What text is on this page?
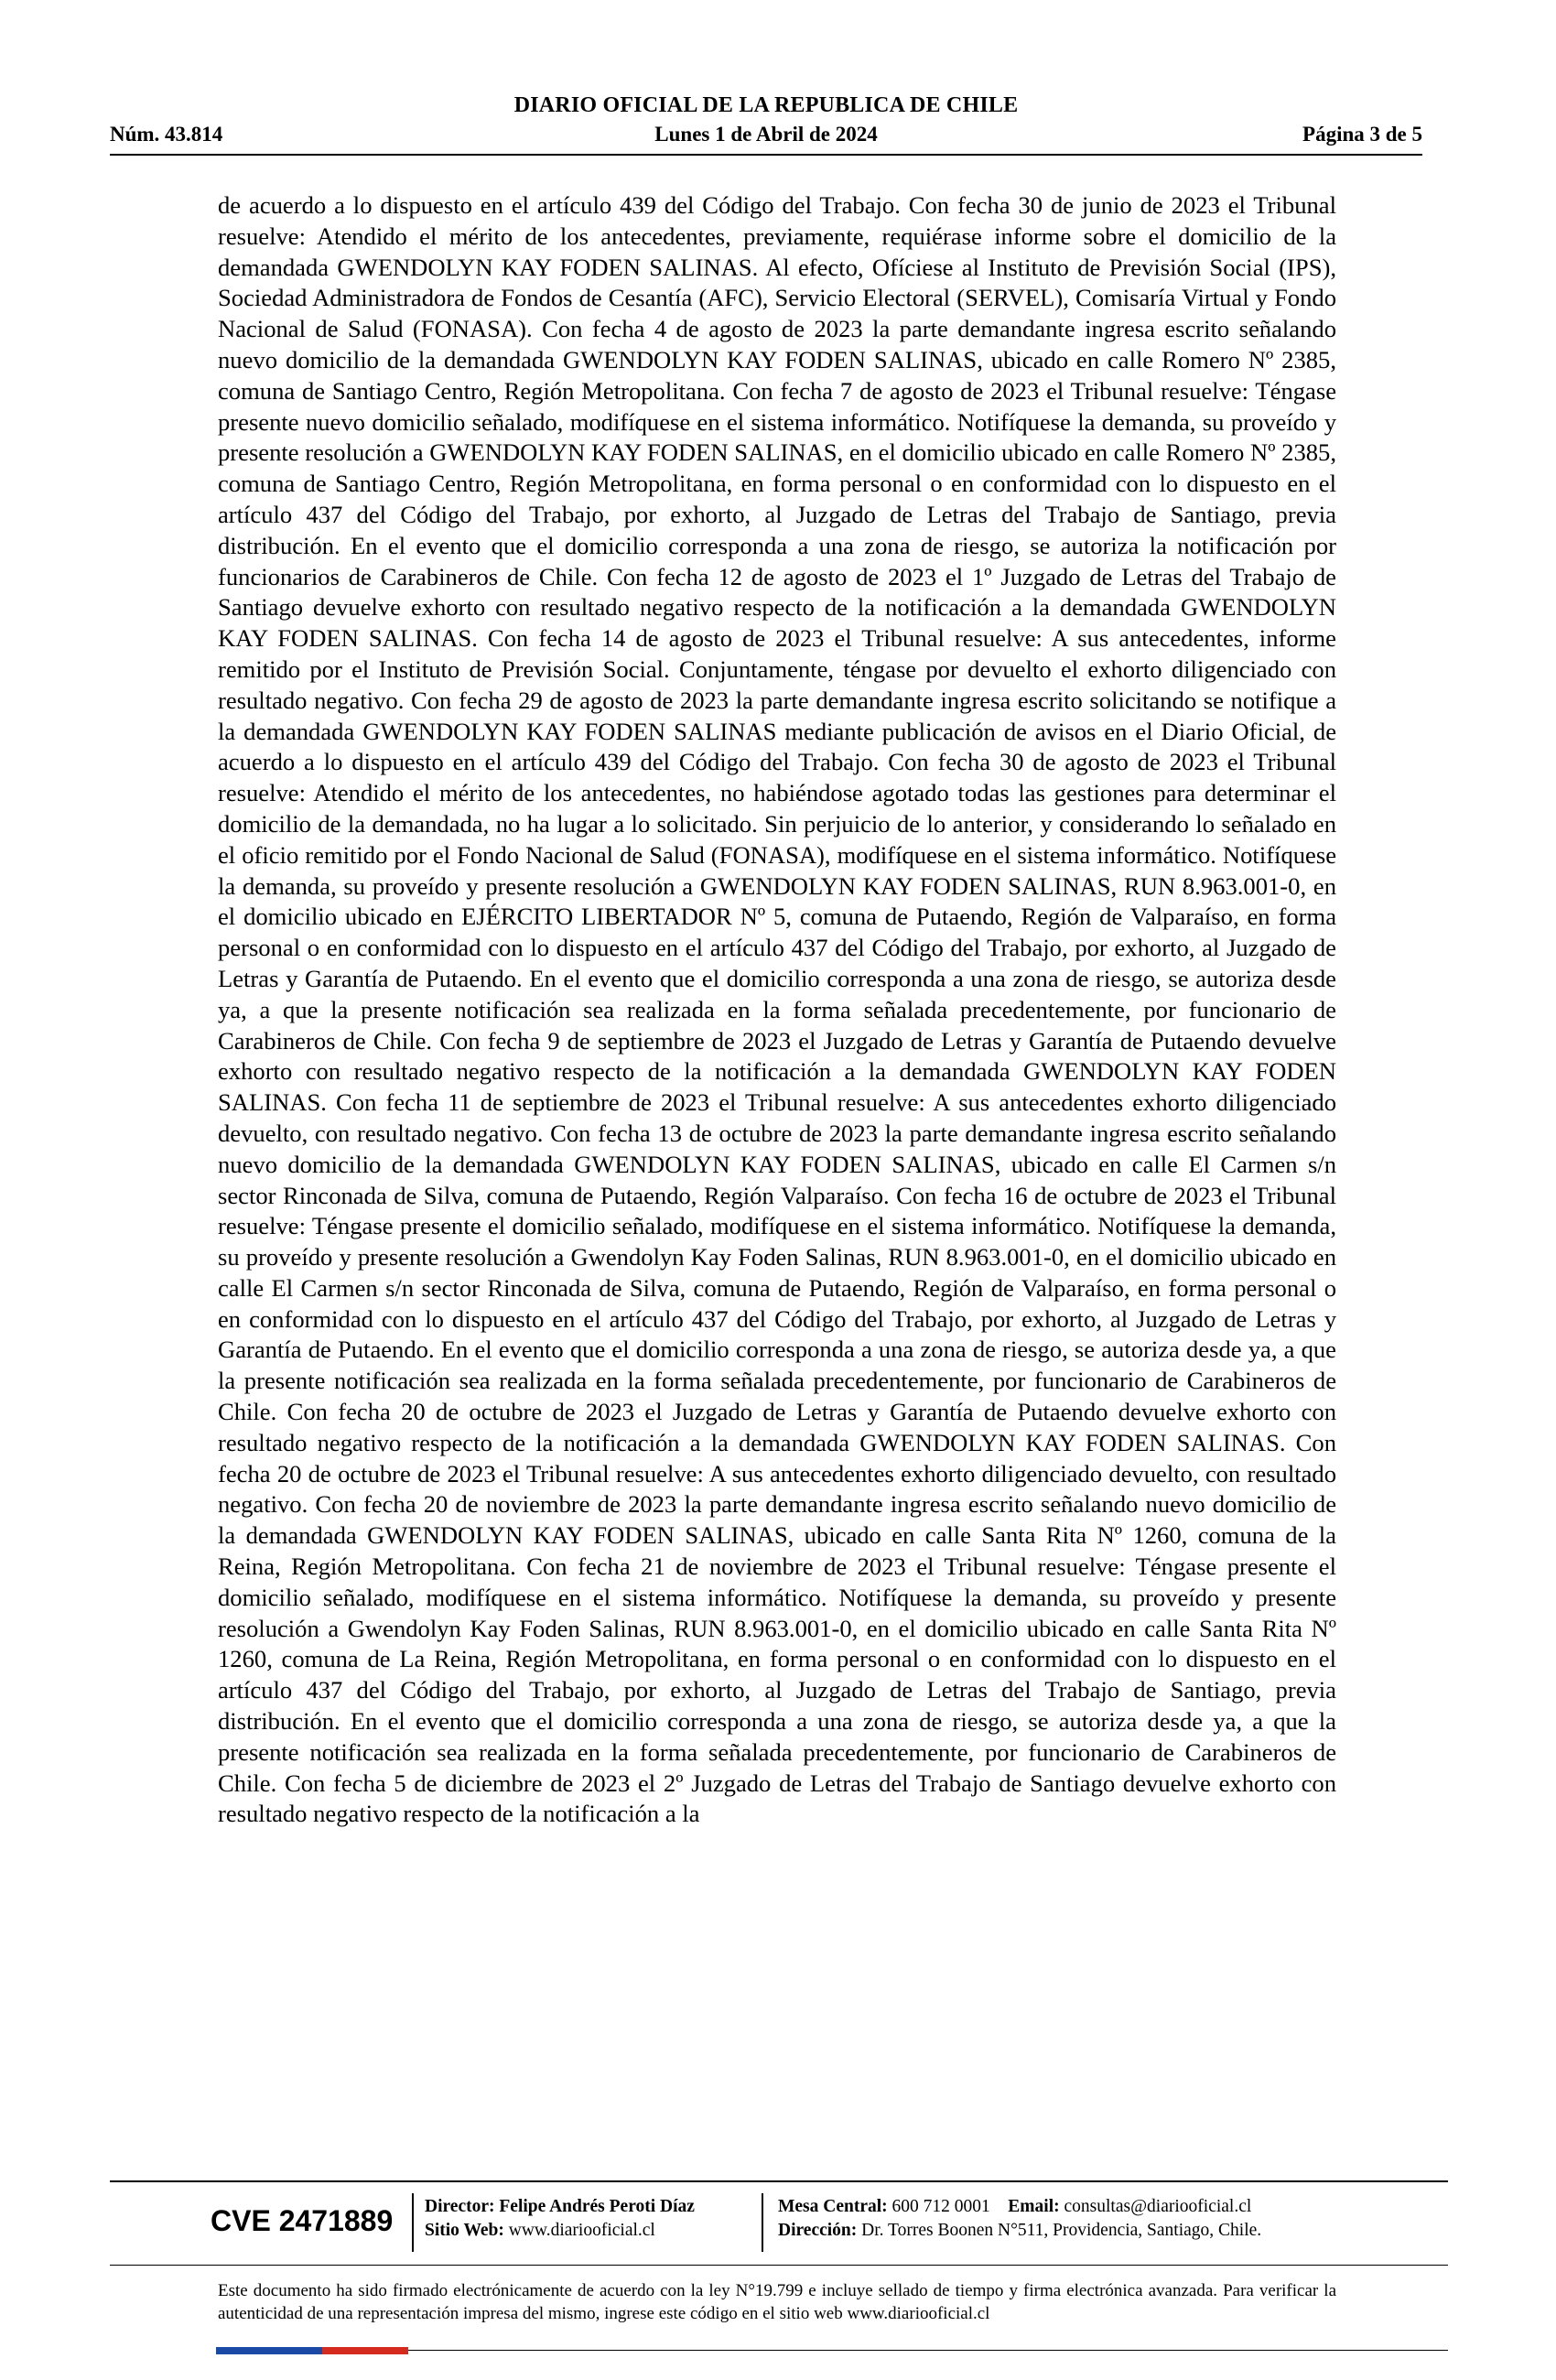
DIARIO OFICIAL DE LA REPUBLICA DE CHILE
Núm. 43.814	Lunes 1 de Abril de 2024	Página 3 de 5

de acuerdo a lo dispuesto en el artículo 439 del Código del Trabajo. Con fecha 30 de junio de 2023 el Tribunal resuelve: Atendido el mérito de los antecedentes, previamente, requiérase informe sobre el domicilio de la demandada GWENDOLYN KAY FODEN SALINAS. Al efecto, Ofíciese al Instituto de Previsión Social (IPS), Sociedad Administradora de Fondos de Cesantía (AFC), Servicio Electoral (SERVEL), Comisaría Virtual y Fondo Nacional de Salud (FONASA). Con fecha 4 de agosto de 2023 la parte demandante ingresa escrito señalando nuevo domicilio de la demandada GWENDOLYN KAY FODEN SALINAS, ubicado en calle Romero Nº 2385, comuna de Santiago Centro, Región Metropolitana. Con fecha 7 de agosto de 2023 el Tribunal resuelve: Téngase presente nuevo domicilio señalado, modifíquese en el sistema informático. Notifíquese la demanda, su proveído y presente resolución a GWENDOLYN KAY FODEN SALINAS, en el domicilio ubicado en calle Romero Nº 2385, comuna de Santiago Centro, Región Metropolitana, en forma personal o en conformidad con lo dispuesto en el artículo 437 del Código del Trabajo, por exhorto, al Juzgado de Letras del Trabajo de Santiago, previa distribución. En el evento que el domicilio corresponda a una zona de riesgo, se autoriza la notificación por funcionarios de Carabineros de Chile. Con fecha 12 de agosto de 2023 el 1º Juzgado de Letras del Trabajo de Santiago devuelve exhorto con resultado negativo respecto de la notificación a la demandada GWENDOLYN KAY FODEN SALINAS. Con fecha 14 de agosto de 2023 el Tribunal resuelve: A sus antecedentes, informe remitido por el Instituto de Previsión Social. Conjuntamente, téngase por devuelto el exhorto diligenciado con resultado negativo. Con fecha 29 de agosto de 2023 la parte demandante ingresa escrito solicitando se notifique a la demandada GWENDOLYN KAY FODEN SALINAS mediante publicación de avisos en el Diario Oficial, de acuerdo a lo dispuesto en el artículo 439 del Código del Trabajo. Con fecha 30 de agosto de 2023 el Tribunal resuelve: Atendido el mérito de los antecedentes, no habiéndose agotado todas las gestiones para determinar el domicilio de la demandada, no ha lugar a lo solicitado. Sin perjuicio de lo anterior, y considerando lo señalado en el oficio remitido por el Fondo Nacional de Salud (FONASA), modifíquese en el sistema informático. Notifíquese la demanda, su proveído y presente resolución a GWENDOLYN KAY FODEN SALINAS, RUN 8.963.001-0, en el domicilio ubicado en EJÉRCITO LIBERTADOR Nº 5, comuna de Putaendo, Región de Valparaíso, en forma personal o en conformidad con lo dispuesto en el artículo 437 del Código del Trabajo, por exhorto, al Juzgado de Letras y Garantía de Putaendo. En el evento que el domicilio corresponda a una zona de riesgo, se autoriza desde ya, a que la presente notificación sea realizada en la forma señalada precedentemente, por funcionario de Carabineros de Chile. Con fecha 9 de septiembre de 2023 el Juzgado de Letras y Garantía de Putaendo devuelve exhorto con resultado negativo respecto de la notificación a la demandada GWENDOLYN KAY FODEN SALINAS. Con fecha 11 de septiembre de 2023 el Tribunal resuelve: A sus antecedentes exhorto diligenciado devuelto, con resultado negativo. Con fecha 13 de octubre de 2023 la parte demandante ingresa escrito señalando nuevo domicilio de la demandada GWENDOLYN KAY FODEN SALINAS, ubicado en calle El Carmen s/n sector Rinconada de Silva, comuna de Putaendo, Región Valparaíso. Con fecha 16 de octubre de 2023 el Tribunal resuelve: Téngase presente el domicilio señalado, modifíquese en el sistema informático. Notifíquese la demanda, su proveído y presente resolución a Gwendolyn Kay Foden Salinas, RUN 8.963.001-0, en el domicilio ubicado en calle El Carmen s/n sector Rinconada de Silva, comuna de Putaendo, Región de Valparaíso, en forma personal o en conformidad con lo dispuesto en el artículo 437 del Código del Trabajo, por exhorto, al Juzgado de Letras y Garantía de Putaendo. En el evento que el domicilio corresponda a una zona de riesgo, se autoriza desde ya, a que la presente notificación sea realizada en la forma señalada precedentemente, por funcionario de Carabineros de Chile. Con fecha 20 de octubre de 2023 el Juzgado de Letras y Garantía de Putaendo devuelve exhorto con resultado negativo respecto de la notificación a la demandada GWENDOLYN KAY FODEN SALINAS. Con fecha 20 de octubre de 2023 el Tribunal resuelve: A sus antecedentes exhorto diligenciado devuelto, con resultado negativo. Con fecha 20 de noviembre de 2023 la parte demandante ingresa escrito señalando nuevo domicilio de la demandada GWENDOLYN KAY FODEN SALINAS, ubicado en calle Santa Rita Nº 1260, comuna de la Reina, Región Metropolitana. Con fecha 21 de noviembre de 2023 el Tribunal resuelve: Téngase presente el domicilio señalado, modifíquese en el sistema informático. Notifíquese la demanda, su proveído y presente resolución a Gwendolyn Kay Foden Salinas, RUN 8.963.001-0, en el domicilio ubicado en calle Santa Rita Nº 1260, comuna de La Reina, Región Metropolitana, en forma personal o en conformidad con lo dispuesto en el artículo 437 del Código del Trabajo, por exhorto, al Juzgado de Letras del Trabajo de Santiago, previa distribución. En el evento que el domicilio corresponda a una zona de riesgo, se autoriza desde ya, a que la presente notificación sea realizada en la forma señalada precedentemente, por funcionario de Carabineros de Chile. Con fecha 5 de diciembre de 2023 el 2º Juzgado de Letras del Trabajo de Santiago devuelve exhorto con resultado negativo respecto de la notificación a la

CVE 2471889 Director: Felipe Andrés Peroti Díaz
Sitio Web: www.diariooficial.cl
Mesa Central: 600 712 0001 Email: consultas@diariooficial.cl
Dirección: Dr. Torres Boonen N°511, Providencia, Santiago, Chile.

Este documento ha sido firmado electrónicamente de acuerdo con la ley N°19.799 e incluye sellado de tiempo y firma electrónica avanzada. Para verificar la autenticidad de una representación impresa del mismo, ingrese este código en el sitio web www.diariooficial.cl
